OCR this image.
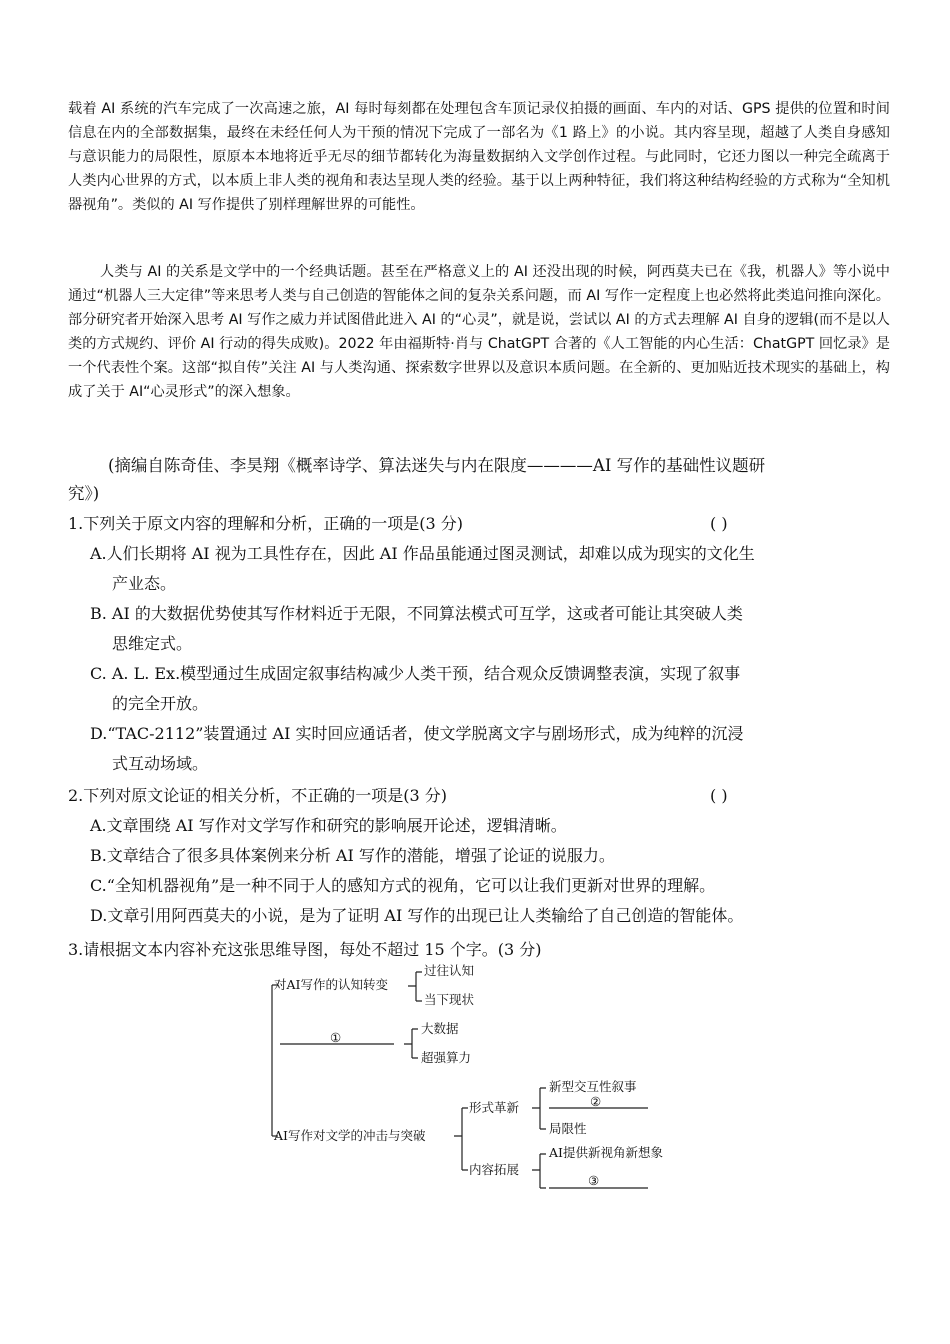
载着 AI 系统的汽车完成了一次高速之旅，AI 每时每刻都在处理包含车顶记录仪拍摄的画面、车内的对话、GPS 提供的位置和时间信息在内的全部数据集，最终在未经任何人为干预的情况下完成了一部名为《1 路上》的小说。其内容呈现，超越了人类自身感知与意识能力的局限性，原原本本地将近乎无尽的细节都转化为海量数据纳入文学创作过程。与此同时，它还力图以一种完全疏离于人类内心世界的方式，以本质上非人类的视角和表达呈现人类的经验。基于以上两种特征，我们将这种结构经验的方式称为“全知机器视角”。类似的 AI 写作提供了别样理解世界的可能性。

人类与 AI 的关系是文学中的一个经典话题。甚至在严格意义上的 AI 还没出现的时候，阿西莫夫已在《我，机器人》等小说中通过“机器人三大定律”等来思考人类与自己创造的智能体之间的复杂关系问题，而 AI 写作一定程度上也必然将此类追问推向深化。部分研究者开始深入思考 AI 写作之威力并试图借此进入 AI 的“心灵”，就是说，尝试以 AI 的方式去理解 AI 自身的逻辑(而不是以人类的方式规约、评价 AI 行动的得失成败)。2022 年由福斯特·肖与 ChatGPT 合著的《人工智能的内心生活：ChatGPT 回忆录》是一个代表性个案。这部“拟自传”关注 AI 与人类沟通、探索数字世界以及意识本质问题。在全新的、更加贴近技术现实的基础上，构成了关于 AI“心灵形式”的深入想象。

(摘编自陈奇佳、李昊翔《概率诗学、算法迷失与内在限度————AI 写作的基础性议题研
究》)
1.下列关于原文内容的理解和分析，正确的一项是(3 分)	( )
A.人们长期将 AI 视为工具性存在，因此 AI 作品虽能通过图灵测试，却难以成为现实的文化生
产业态。
B. AI 的大数据优势使其写作材料近于无限，不同算法模式可互学，这或者可能让其突破人类
思维定式。
C. A. L. Ex.模型通过生成固定叙事结构减少人类干预，结合观众反馈调整表演，实现了叙事
的完全开放。
D.“TAC-2112”装置通过 AI 实时回应通话者，使文学脱离文字与剧场形式，成为纯粹的沉浸
式互动场域。
2.下列对原文论证的相关分析，不正确的一项是(3 分)	( )
A.文章围绕 AI 写作对文学写作和研究的影响展开论述，逻辑清晰。
B.文章结合了很多具体案例来分析 AI 写作的潜能，增强了论证的说服力。
C.“全知机器视角”是一种不同于人的感知方式的视角，它可以让我们更新对世界的理解。
D.文章引用阿西莫夫的小说，是为了证明 AI 写作的出现已让人类输给了自己创造的智能体。
3.请根据文本内容补充这张思维导图，每处不超过 15 个字。(3 分)
对AI写作的认知转变
过往认知
当下现状
①
大数据
超强算力
AI写作对文学的冲击与突破
形式革新
内容拓展
新型交互性叙事
②
局限性
AI提供新视角新想象
③
